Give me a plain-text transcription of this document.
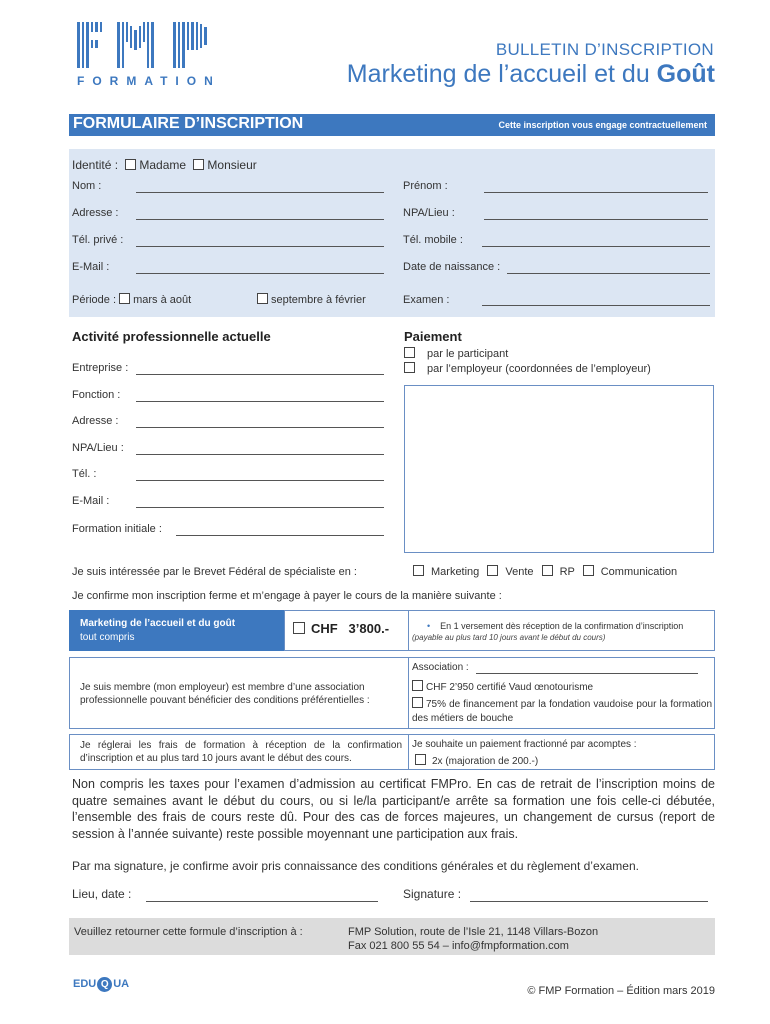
FORMATION
BULLETIN D’INSCRIPTION
Marketing de l’accueil et du Goût
FORMULAIRE D’INSCRIPTION	Cette inscription vous engage contractuellement
Identité : Madame Monsieur
Nom :	Prénom :
Adresse :	NPA/Lieu :
Tél. privé :	Tél. mobile :
E-Mail :	Date de naissance :
Période : mars à août	septembre à février	Examen :
Activité professionnelle actuelle
Entreprise :
Fonction :
Adresse :
NPA/Lieu :
Tél. :
E-Mail :
Formation initiale :
Paiement
par le participant
par l’employeur (coordonnées de l’employeur)
Je suis intéressée par le Brevet Fédéral de spécialiste en :	Marketing Vente RP Communication
Je confirme mon inscription ferme et m’engage à payer le cours de la manière suivante :
Marketing de l’accueil et du goût
tout compris
CHF   3’800.-	• En 1 versement dès réception de la confirmation d’inscription
(payable au plus tard 10 jours avant le début du cours)
Je suis membre (mon employeur) est membre d’une association professionnelle pouvant bénéficier des conditions préférentielles :
Association :
CHF 2’950 certifié Vaud œnotourisme
75% de financement par la fondation vaudoise pour la formation des métiers de bouche
Je réglerai les frais de formation à réception de la confirmation d’inscription et au plus tard 10 jours avant le début des cours.
Je souhaite un paiement fractionné par acomptes :
2x (majoration de 200.-)
Non compris les taxes pour l’examen d’admission au certificat FMPro. En cas de retrait de l’inscription moins de quatre semaines avant le début du cours, ou si le/la participant/e arrête sa formation une fois celle-ci débutée, l’ensemble des frais de cours reste dû. Pour des cas de forces majeures, un changement de cursus (report de session à l’année suivante) reste possible moyennant une participation aux frais.
Par ma signature, je confirme avoir pris connaissance des conditions générales et du règlement d’examen.
Lieu, date :	Signature :
Veuillez retourner cette formule d’inscription à :	FMP Solution, route de l’Isle 21, 1148 Villars-Bozon
Fax 021 800 55 54 – info@fmpformation.com
EDU Q UA
© FMP Formation – Édition mars 2019
